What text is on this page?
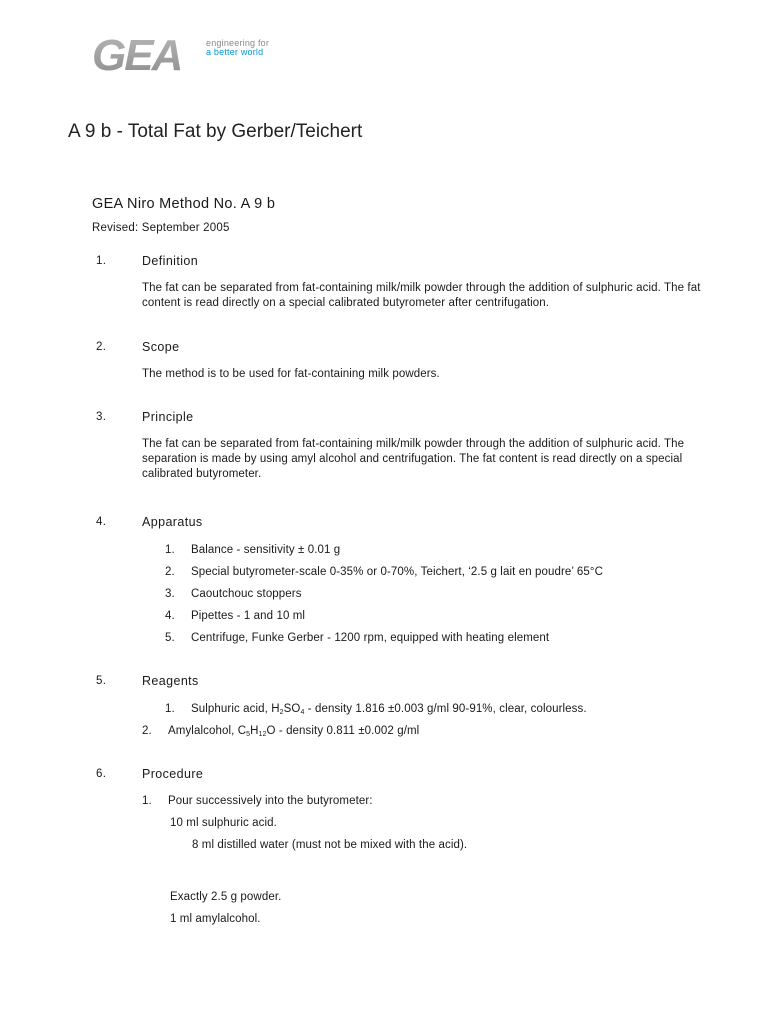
GEA	engineering for
a better world
A 9 b - Total Fat by Gerber/Teichert
GEA Niro Method No. A 9 b
Revised: September 2005
1.	Definition
The fat can be separated from fat-containing milk/milk powder through the addition of sulphuric acid. The fat content is read directly on a special calibrated butyrometer after centrifugation.
2.	Scope
The method is to be used for fat-containing milk powders.
3.	Principle
The fat can be separated from fat-containing milk/milk powder through the addition of sulphuric acid. The separation is made by using amyl alcohol and centrifugation. The fat content is read directly on a special calibrated butyrometer.
4.	Apparatus
1. Balance - sensitivity ± 0.01 g
2. Special butyrometer-scale 0-35% or 0-70%, Teichert, ‘2.5 g lait en poudre’ 65°C
3. Caoutchouc stoppers
4. Pipettes - 1 and 10 ml
5. Centrifuge, Funke Gerber - 1200 rpm, equipped with heating element
5.	Reagents
1. Sulphuric acid, $H_2SO_4$ - density 1.816 ±0.003 g/ml 90-91%, clear, colourless.
2. Amylalcohol, $C_5H_{12}O$ - density 0.811 ±0.002 g/ml
6.	Procedure
1. Pour successively into the butyrometer:
10 ml sulphuric acid.
8 ml distilled water (must not be mixed with the acid).
Exactly 2.5 g powder.
1 ml amylalcohol.
